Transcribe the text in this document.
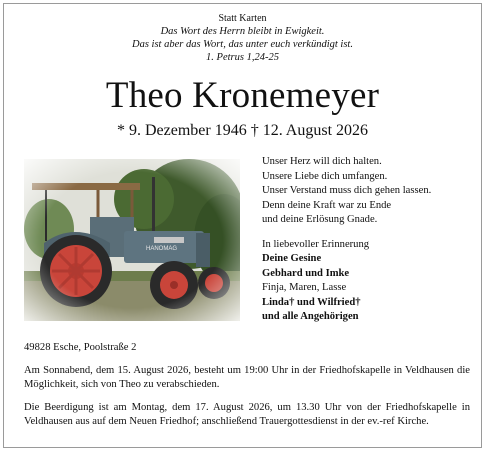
Statt Karten
Das Wort des Herrn bleibt in Ewigkeit.
Das ist aber das Wort, das unter euch verkündigt ist.
1. Petrus 1,24-25
Theo Kronemeyer
* 9. Dezember 1946 † 12. August 2026

Unser Herz will dich halten.

Unsere Liebe dich umfangen.

Unser Verstand muss dich gehen lassen.

Denn deine Kraft war zu Ende

und deine Erlösung Gnade.

In liebevoller Erinnerung

Deine Gesine

Gebhard und Imke

Finja, Maren, Lasse

Linda† und Wilfried†

und alle Angehörigen

49828 Esche, Poolstraße 2

Am Sonnabend, dem 15. August 2026, besteht um 19:00 Uhr in der Friedhofskapelle in Veldhausen die Möglichkeit, sich von Theo zu verabschieden.

Die Beerdigung ist am Montag, dem 17. August 2026, um 13.30 Uhr von der Friedhofskapelle in Veldhausen aus auf dem Neuen Friedhof; anschließend Trauergottesdienst in der ev.-ref Kirche.
